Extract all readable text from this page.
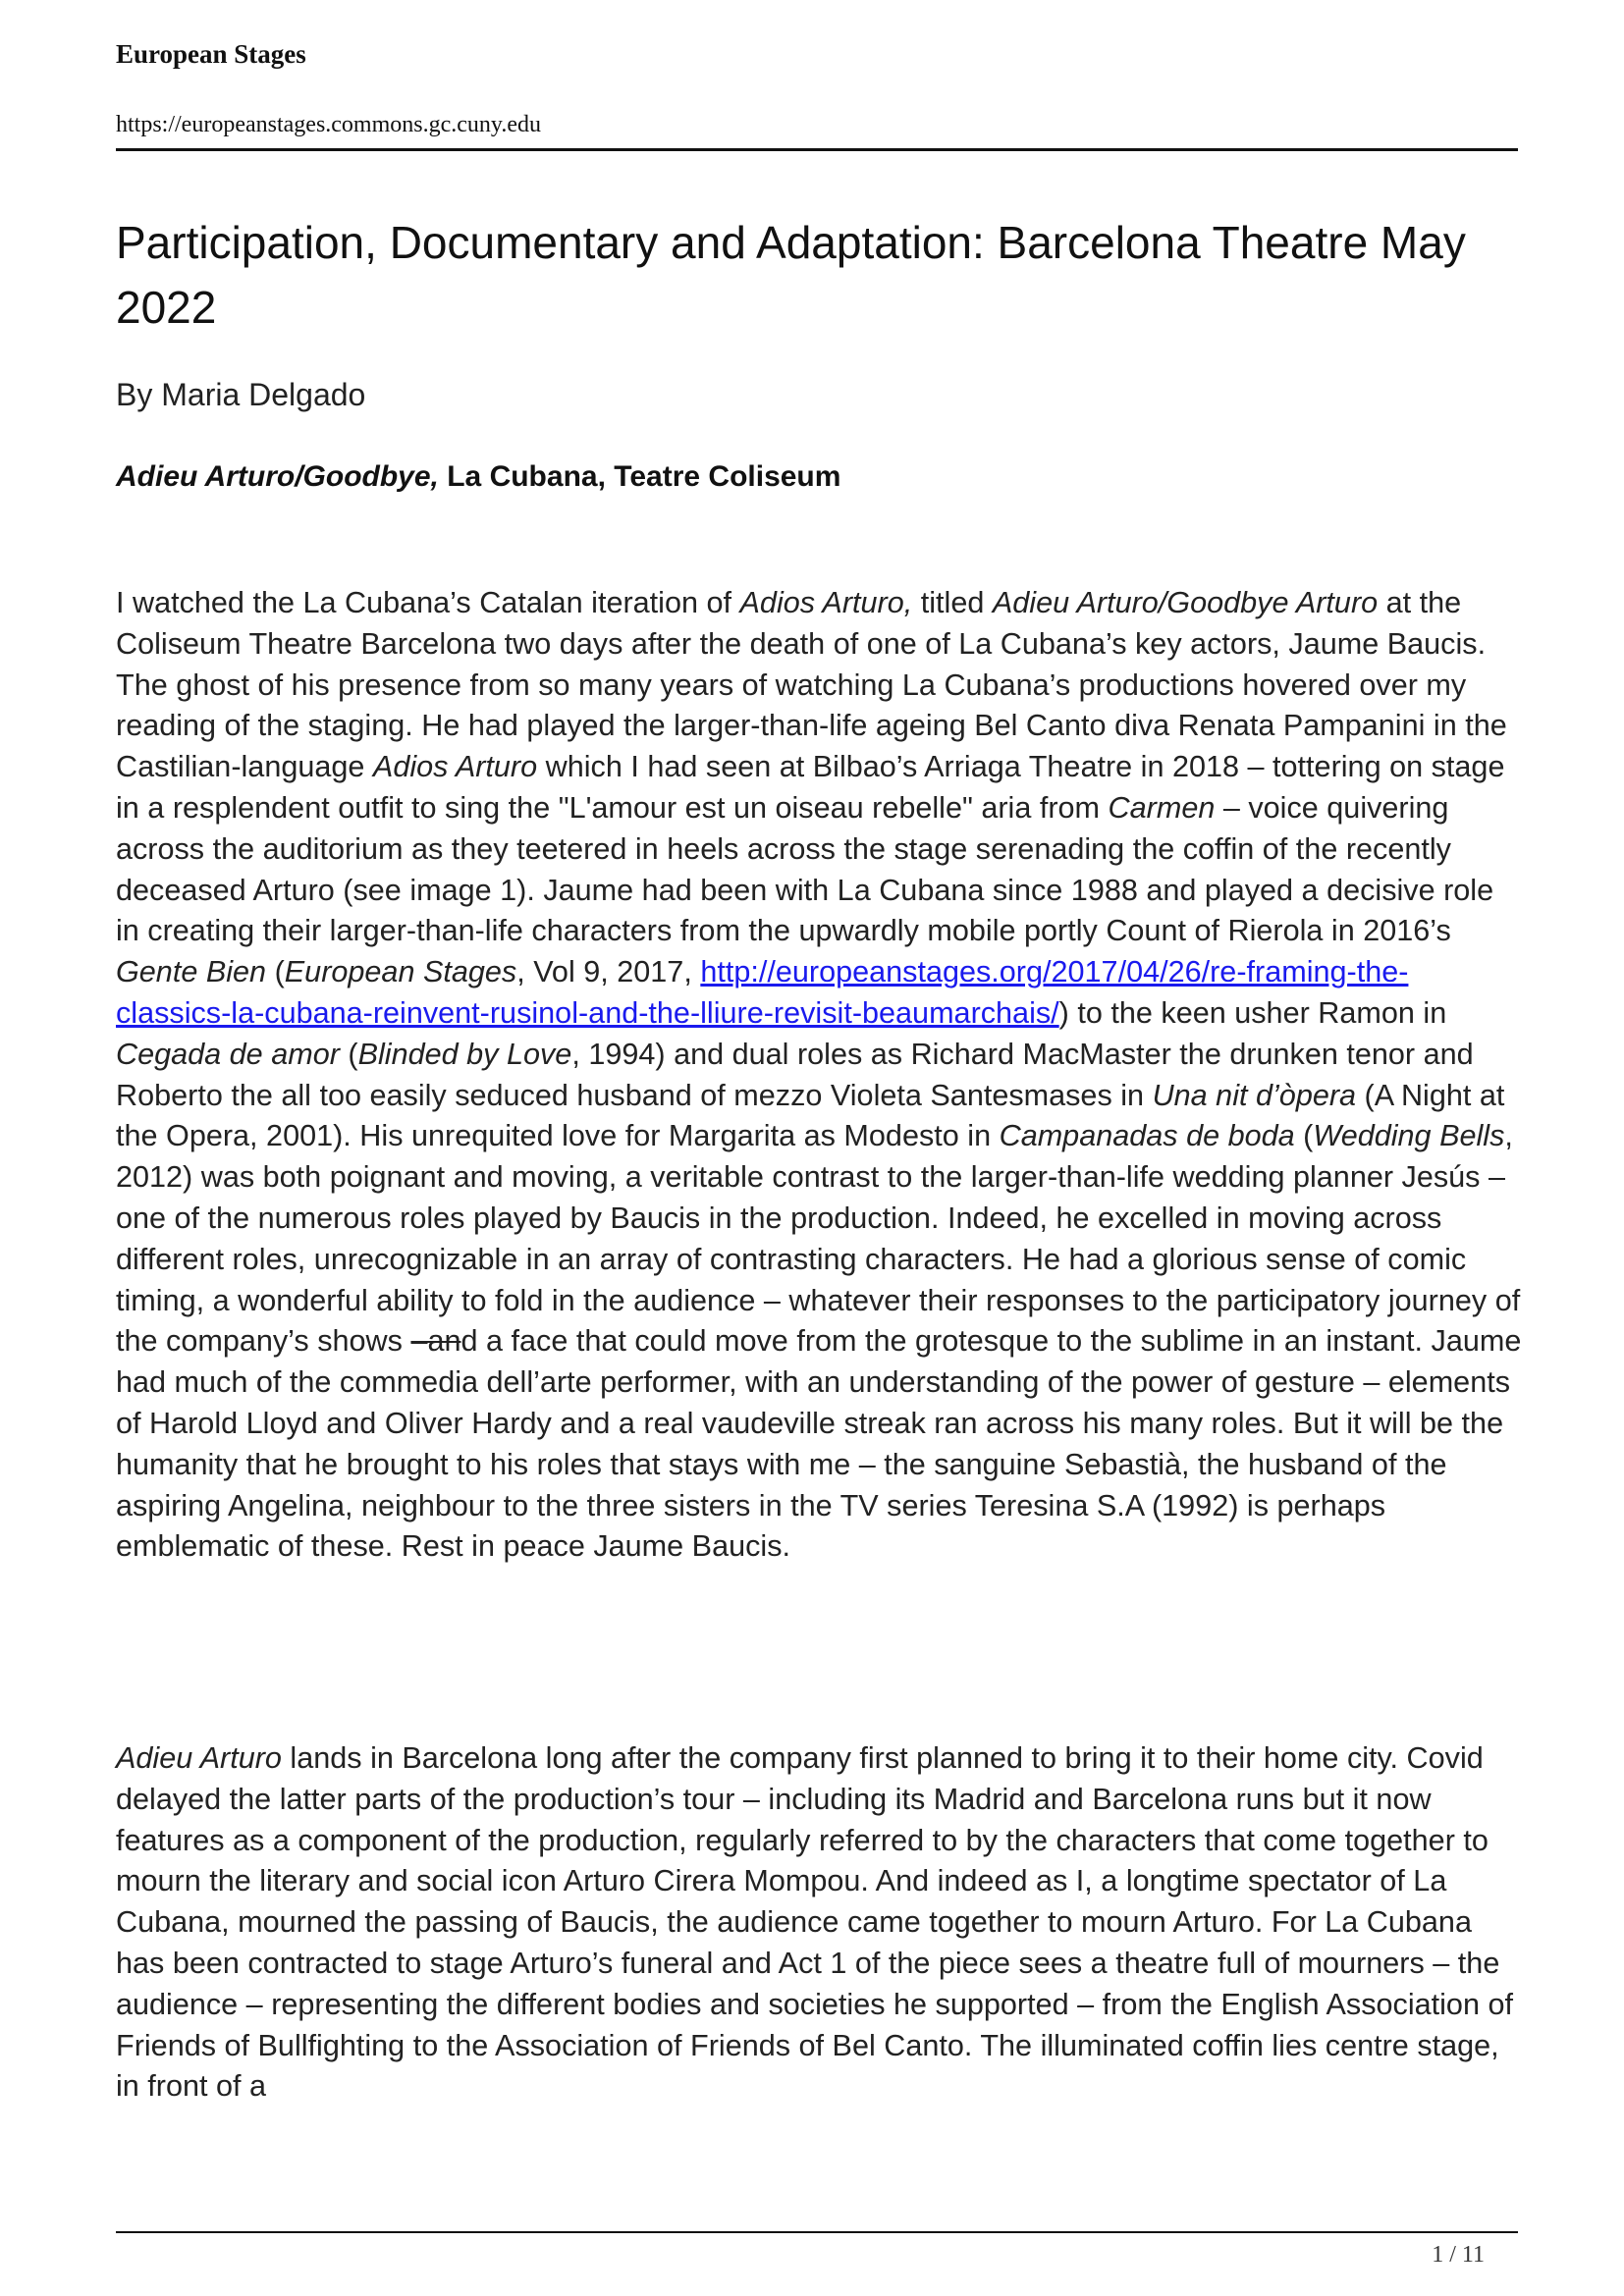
European Stages
https://europeanstages.commons.gc.cuny.edu
Participation, Documentary and Adaptation: Barcelona Theatre May 2022
By Maria Delgado
Adieu Arturo/Goodbye, La Cubana, Teatre Coliseum

I watched the La Cubana’s Catalan iteration of Adios Arturo, titled Adieu Arturo/Goodbye Arturo at the Coliseum Theatre Barcelona two days after the death of one of La Cubana’s key actors, Jaume Baucis. The ghost of his presence from so many years of watching La Cubana’s productions hovered over my reading of the staging. He had played the larger-than-life ageing Bel Canto diva Renata Pampanini in the Castilian-language Adios Arturo which I had seen at Bilbao’s Arriaga Theatre in 2018 – tottering on stage in a resplendent outfit to sing the "L'amour est un oiseau rebelle" aria from Carmen – voice quivering across the auditorium as they teetered in heels across the stage serenading the coffin of the recently deceased Arturo (see image 1). Jaume had been with La Cubana since 1988 and played a decisive role in creating their larger-than-life characters from the upwardly mobile portly Count of Rierola in 2016’s Gente Bien (European Stages, Vol 9, 2017, http://europeanstages.org/2017/04/26/re-framing-the-classics-la-cubana-reinvent-rusinol-and-the-lliure-revisit-beaumarchais/) to the keen usher Ramon in Cegada de amor (Blinded by Love, 1994) and dual roles as Richard MacMaster the drunken tenor and Roberto the all too easily seduced husband of mezzo Violeta Santesmases in Una nit d’òpera (A Night at the Opera, 2001). His unrequited love for Margarita as Modesto in Campanadas de boda (Wedding Bells, 2012) was both poignant and moving, a veritable contrast to the larger-than-life wedding planner Jesús – one of the numerous roles played by Baucis in the production. Indeed, he excelled in moving across different roles, unrecognizable in an array of contrasting characters. He had a glorious sense of comic timing, a wonderful ability to fold in the audience – whatever their responses to the participatory journey of the company’s shows –and a face that could move from the grotesque to the sublime in an instant. Jaume had much of the commedia dell’arte performer, with an understanding of the power of gesture – elements of Harold Lloyd and Oliver Hardy and a real vaudeville streak ran across his many roles. But it will be the humanity that he brought to his roles that stays with me – the sanguine Sebastià, the husband of the aspiring Angelina, neighbour to the three sisters in the TV series Teresina S.A (1992) is perhaps emblematic of these. Rest in peace Jaume Baucis.

Adieu Arturo lands in Barcelona long after the company first planned to bring it to their home city. Covid delayed the latter parts of the production’s tour – including its Madrid and Barcelona runs but it now features as a component of the production, regularly referred to by the characters that come together to mourn the literary and social icon Arturo Cirera Mompou. And indeed as I, a longtime spectator of La Cubana, mourned the passing of Baucis, the audience came together to mourn Arturo. For La Cubana has been contracted to stage Arturo’s funeral and Act 1 of the piece sees a theatre full of mourners – the audience – representing the different bodies and societies he supported – from the English Association of Friends of Bullfighting to the Association of Friends of Bel Canto. The illuminated coffin lies centre stage, in front of a

1 / 11
